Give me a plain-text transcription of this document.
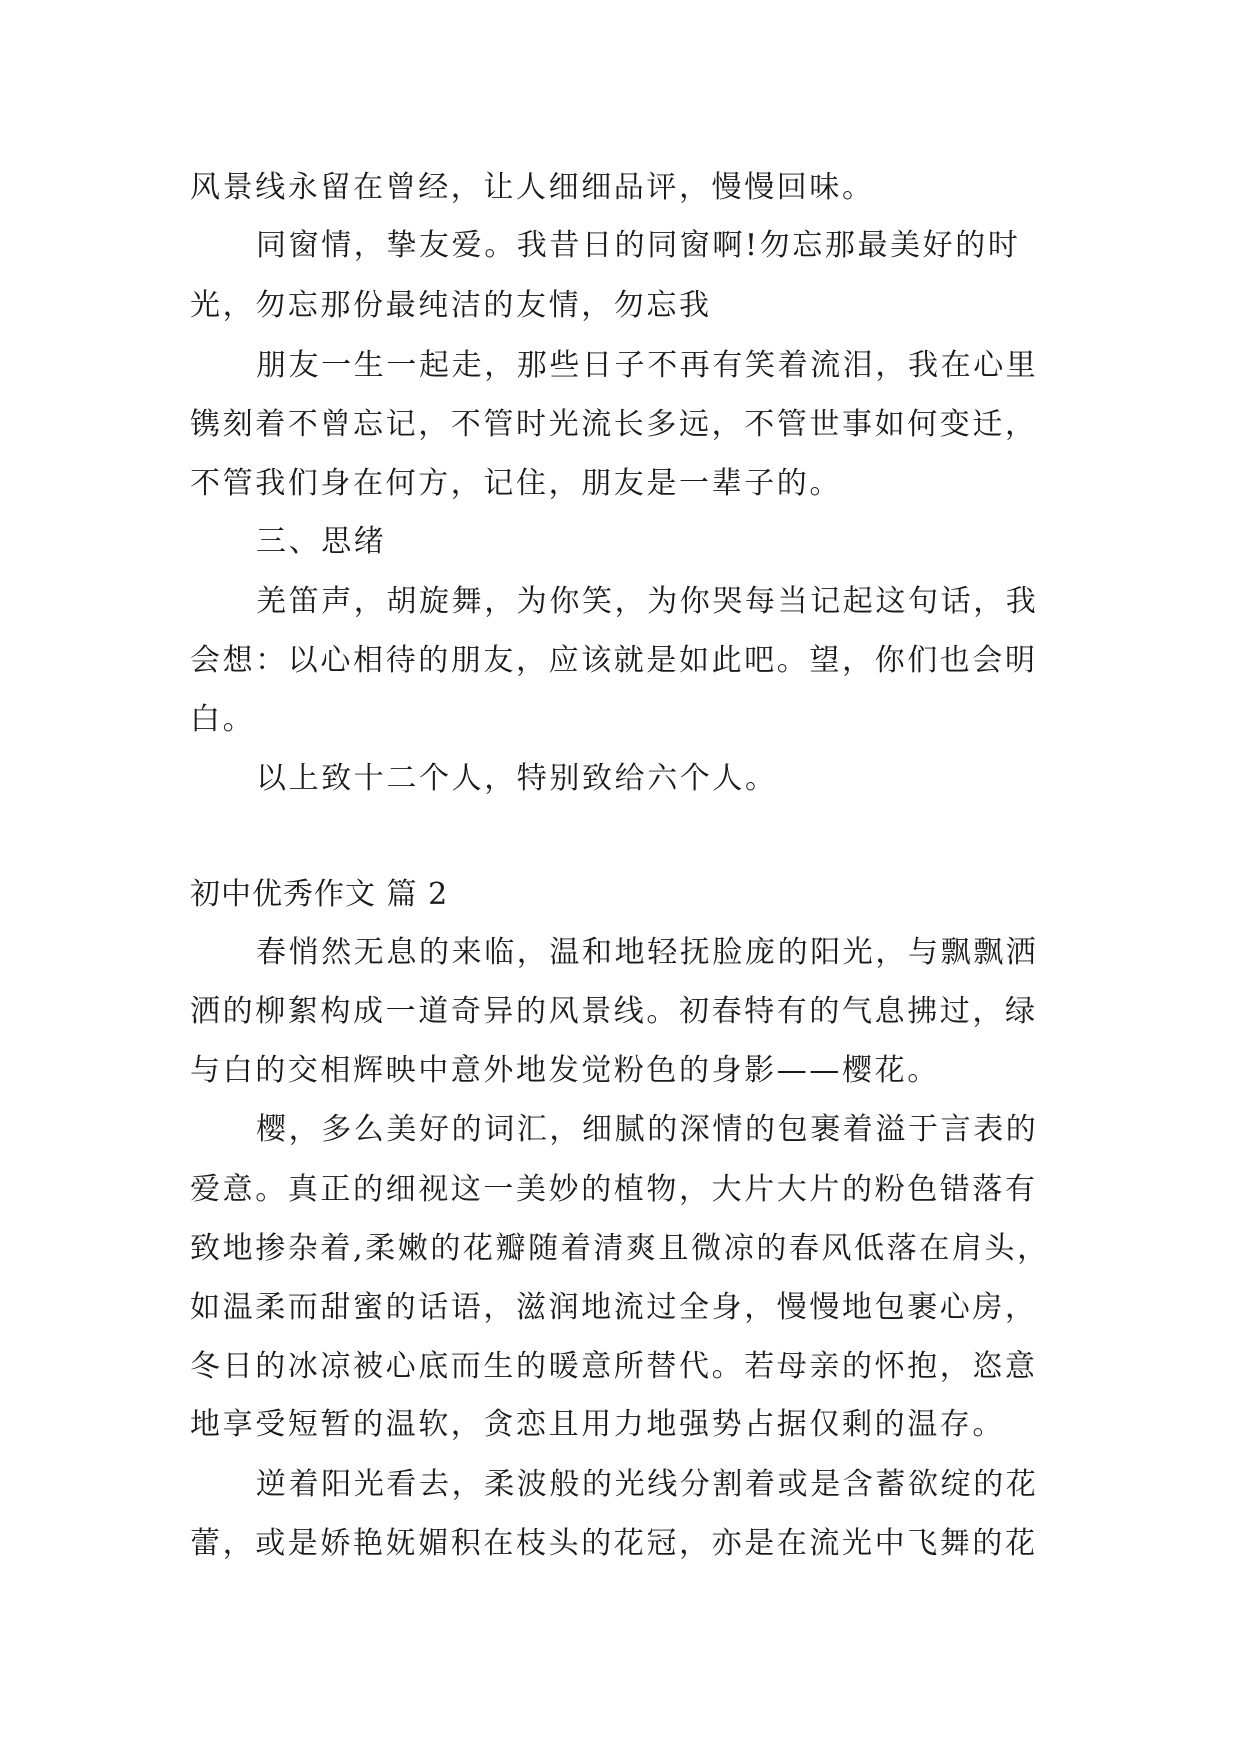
风景线永留在曾经，让人细细品评，慢慢回味。
同窗情，挚友爱。我昔日的同窗啊!勿忘那最美好的时
光，勿忘那份最纯洁的友情，勿忘我
朋友一生一起走，那些日子不再有笑着流泪，我在心里
镌刻着不曾忘记，不管时光流长多远，不管世事如何变迁，
不管我们身在何方，记住，朋友是一辈子的。
三、思绪
羌笛声，胡旋舞，为你笑，为你哭每当记起这句话，我
会想：以心相待的朋友，应该就是如此吧。望，你们也会明
白。
以上致十二个人，特别致给六个人。
初中优秀作文 篇 2
春悄然无息的来临，温和地轻抚脸庞的阳光，与飘飘洒
洒的柳絮构成一道奇异的风景线。初春特有的气息拂过，绿
与白的交相辉映中意外地发觉粉色的身影——樱花。
樱，多么美好的词汇，细腻的深情的包裹着溢于言表的
爱意。真正的细视这一美妙的植物，大片大片的粉色错落有
致地掺杂着,柔嫩的花瓣随着清爽且微凉的春风低落在肩头，
如温柔而甜蜜的话语，滋润地流过全身，慢慢地包裹心房，
冬日的冰凉被心底而生的暖意所替代。若母亲的怀抱，恣意
地享受短暂的温软，贪恋且用力地强势占据仅剩的温存。
逆着阳光看去，柔波般的光线分割着或是含蓄欲绽的花
蕾，或是娇艳妩媚积在枝头的花冠，亦是在流光中飞舞的花
